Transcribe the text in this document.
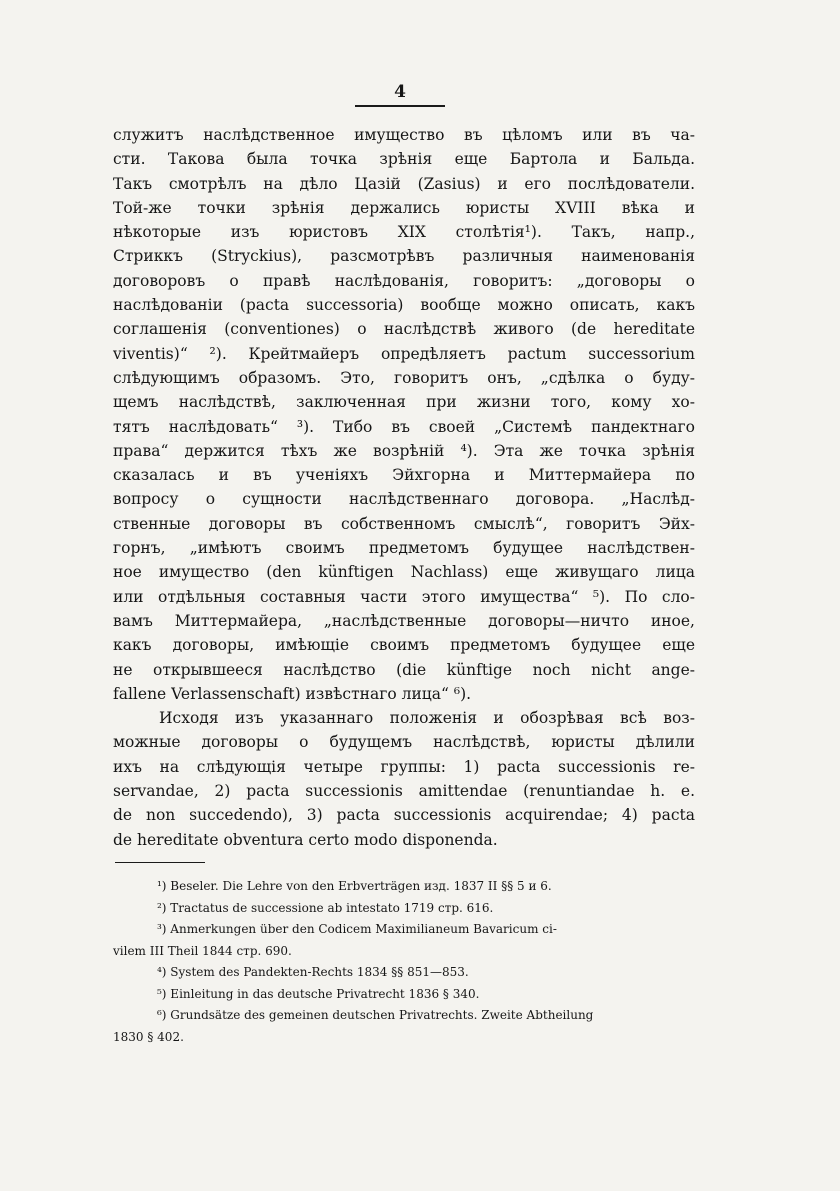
4

служитъ наслѣдственное имущество въ цѣломъ или въ ча-

сти. Такова была точка зрѣнія еще Бартола и Бальда.

Такъ смотрѣлъ на дѣло Цазій (Zasius) и его послѣдователи.

Той-же точки зрѣнія держались юристы XVIII вѣка и

нѣкоторые изъ юристовъ XIX столѣтія¹). Такъ, напр.,

Стриккъ (Stryckius), разсмотрѣвъ различныя наименованія

договоровъ о правѣ наслѣдованія, говоритъ: „договоры о

наслѣдованіи (pacta successoria) вообще можно описать, какъ

соглашенія (conventiones) о наслѣдствѣ живого (de hereditate

viventis)“ ²). Крейтмайеръ опредѣляетъ pactum successorium

слѣдующимъ образомъ. Это, говоритъ онъ, „сдѣлка о буду-

щемъ наслѣдствѣ, заключенная при жизни того, кому хо-

тятъ наслѣдовать“ ³). Тибо въ своей „Системѣ пандектнаго

права“ держится тѣхъ же возрѣній ⁴). Эта же точка зрѣнія

сказалась и въ ученіяхъ Эйхгорна и Миттермайера по

вопросу о сущности наслѣдственнаго договора. „Наслѣд-

ственные договоры въ собственномъ смыслѣ“, говоритъ Эйх-

горнъ, „имѣютъ своимъ предметомъ будущее наслѣдствен-

ное имущество (den künftigen Nachlass) еще живущаго лица

или отдѣльныя составныя части этого имущества“ ⁵). По сло-

вамъ Миттермайера, „наслѣдственные договоры—ничто иное,

какъ договоры, имѣющіе своимъ предметомъ будущее еще

не открывшееся наслѣдство (die künftige noch nicht ange-

fallene Verlassenschaft) извѣстнаго лица“ ⁶).

Исходя изъ указаннаго положенія и обозрѣвая всѣ воз-

можные договоры о будущемъ наслѣдствѣ, юристы дѣлили

ихъ на слѣдующія четыре группы: 1) pacta successionis re-

servandae, 2) pacta successionis amittendae (renuntiandae h. e.

de non succedendo), 3) pacta successionis acquirendae; 4) pacta

de hereditate obventura certo modo disponenda.

¹) Beseler. Die Lehre von den Erbverträgen изд. 1837 II §§ 5 и 6.

²) Tractatus de successione ab intestato 1719 стр. 616.

³) Anmerkungen über den Codicem Maximilianeum Bavaricum ci-

vilem III Theil 1844 стр. 690.

⁴) System des Pandekten-Rechts 1834 §§ 851—853.

⁵) Einleitung in das deutsche Privatrecht 1836 § 340.

⁶) Grundsätze des gemeinen deutschen Privatrechts. Zweite Abtheilung

1830 § 402.
